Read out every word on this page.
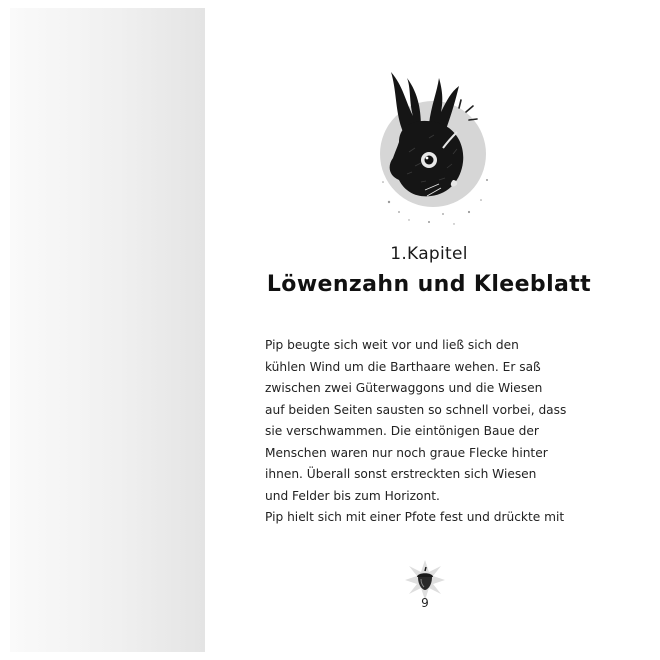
1.Kapitel
Löwenzahn und Kleeblatt
Pip beugte sich weit vor und ließ sich den
kühlen Wind um die Barthaare wehen. Er saß
zwischen zwei Güterwaggons und die Wiesen
auf beiden Seiten sausten so schnell vorbei, dass
sie verschwammen. Die eintönigen Baue der
Menschen waren nur noch graue Flecke hinter
ihnen. Überall sonst erstreckten sich Wiesen
und Felder bis zum Horizont.
Pip hielt sich mit einer Pfote fest und drückte mit
9
